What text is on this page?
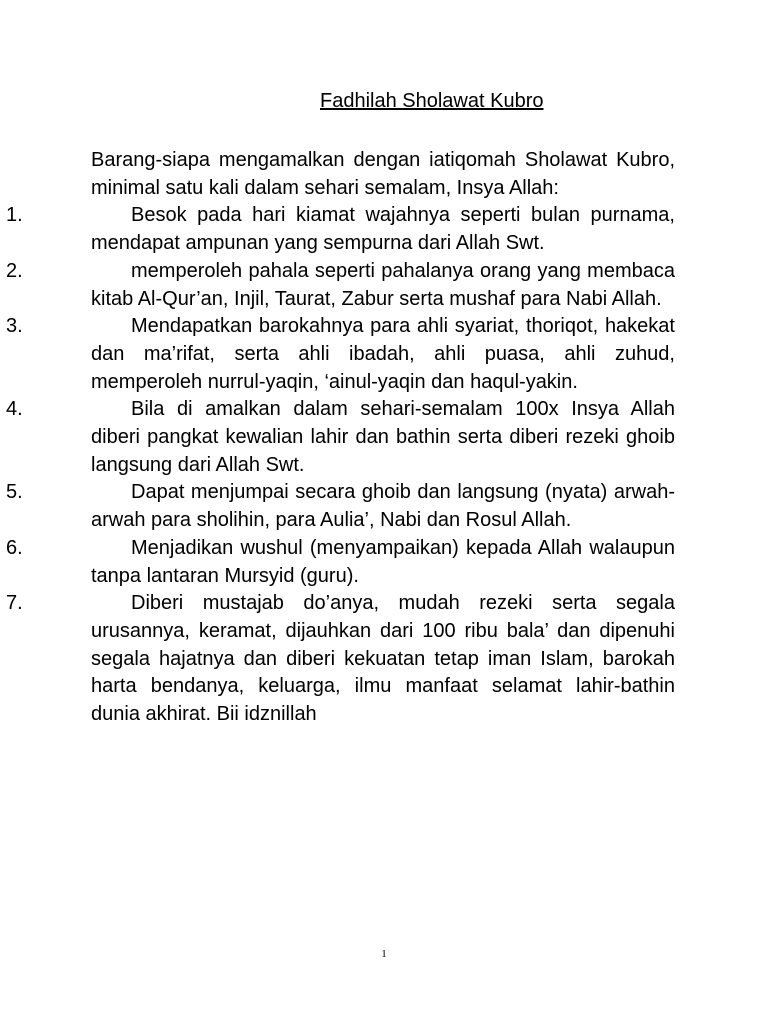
Fadhilah Sholawat Kubro

Barang-siapa mengamalkan dengan iatiqomah Sholawat Kubro, minimal satu kali dalam sehari semalam, Insya Allah:

1.	Besok pada hari kiamat wajahnya seperti bulan purnama, mendapat ampunan yang sempurna dari Allah Swt.
2.	memperoleh pahala seperti pahalanya orang yang membaca kitab Al-Qur’an, Injil, Taurat, Zabur serta mushaf para Nabi Allah.
3.	Mendapatkan barokahnya para ahli syariat, thoriqot, hakekat dan ma’rifat, serta ahli ibadah, ahli puasa, ahli zuhud, memperoleh nurrul-yaqin, ‘ainul-yaqin dan haqul-yakin.
4.	Bila di amalkan dalam sehari-semalam 100x Insya Allah diberi pangkat kewalian lahir dan bathin serta diberi rezeki ghoib langsung dari Allah Swt.
5.	Dapat menjumpai secara ghoib dan langsung (nyata) arwah-arwah para sholihin, para Aulia’, Nabi dan Rosul Allah.
6.	Menjadikan wushul (menyampaikan) kepada Allah walaupun tanpa lantaran Mursyid (guru).
7.	Diberi mustajab do’anya, mudah rezeki serta segala urusannya, keramat, dijauhkan dari 100 ribu bala’ dan dipenuhi segala hajatnya dan diberi kekuatan tetap iman Islam, barokah harta bendanya, keluarga, ilmu manfaat selamat lahir-bathin dunia akhirat. Bii idznillah
1
